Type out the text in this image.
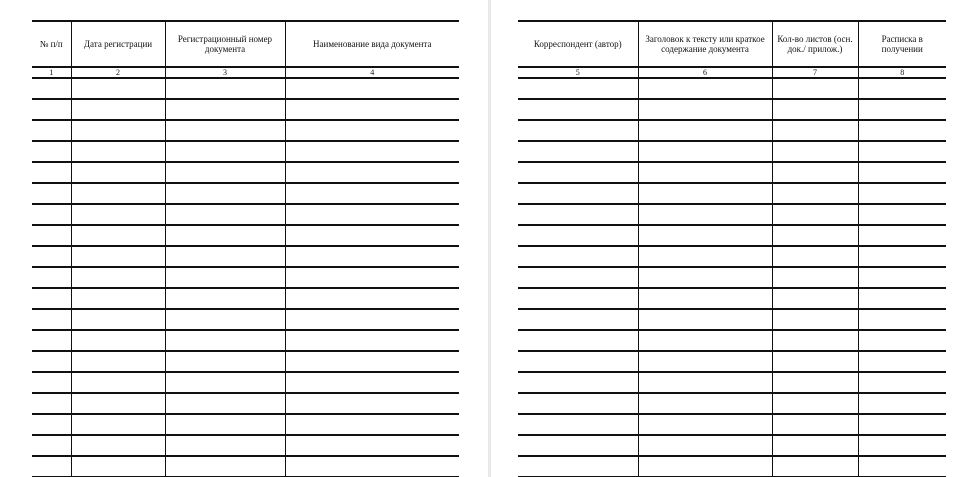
№ п/п	Дата регистрации	Регистрационный номер документа	Наименование вида документа
1	2	3	4

Корреспондент (автор)	Заголовок к тексту или краткое содержание документа	Кол-во листов (осн. док./ прилож.)	Расписка в получении
5	6	7	8
